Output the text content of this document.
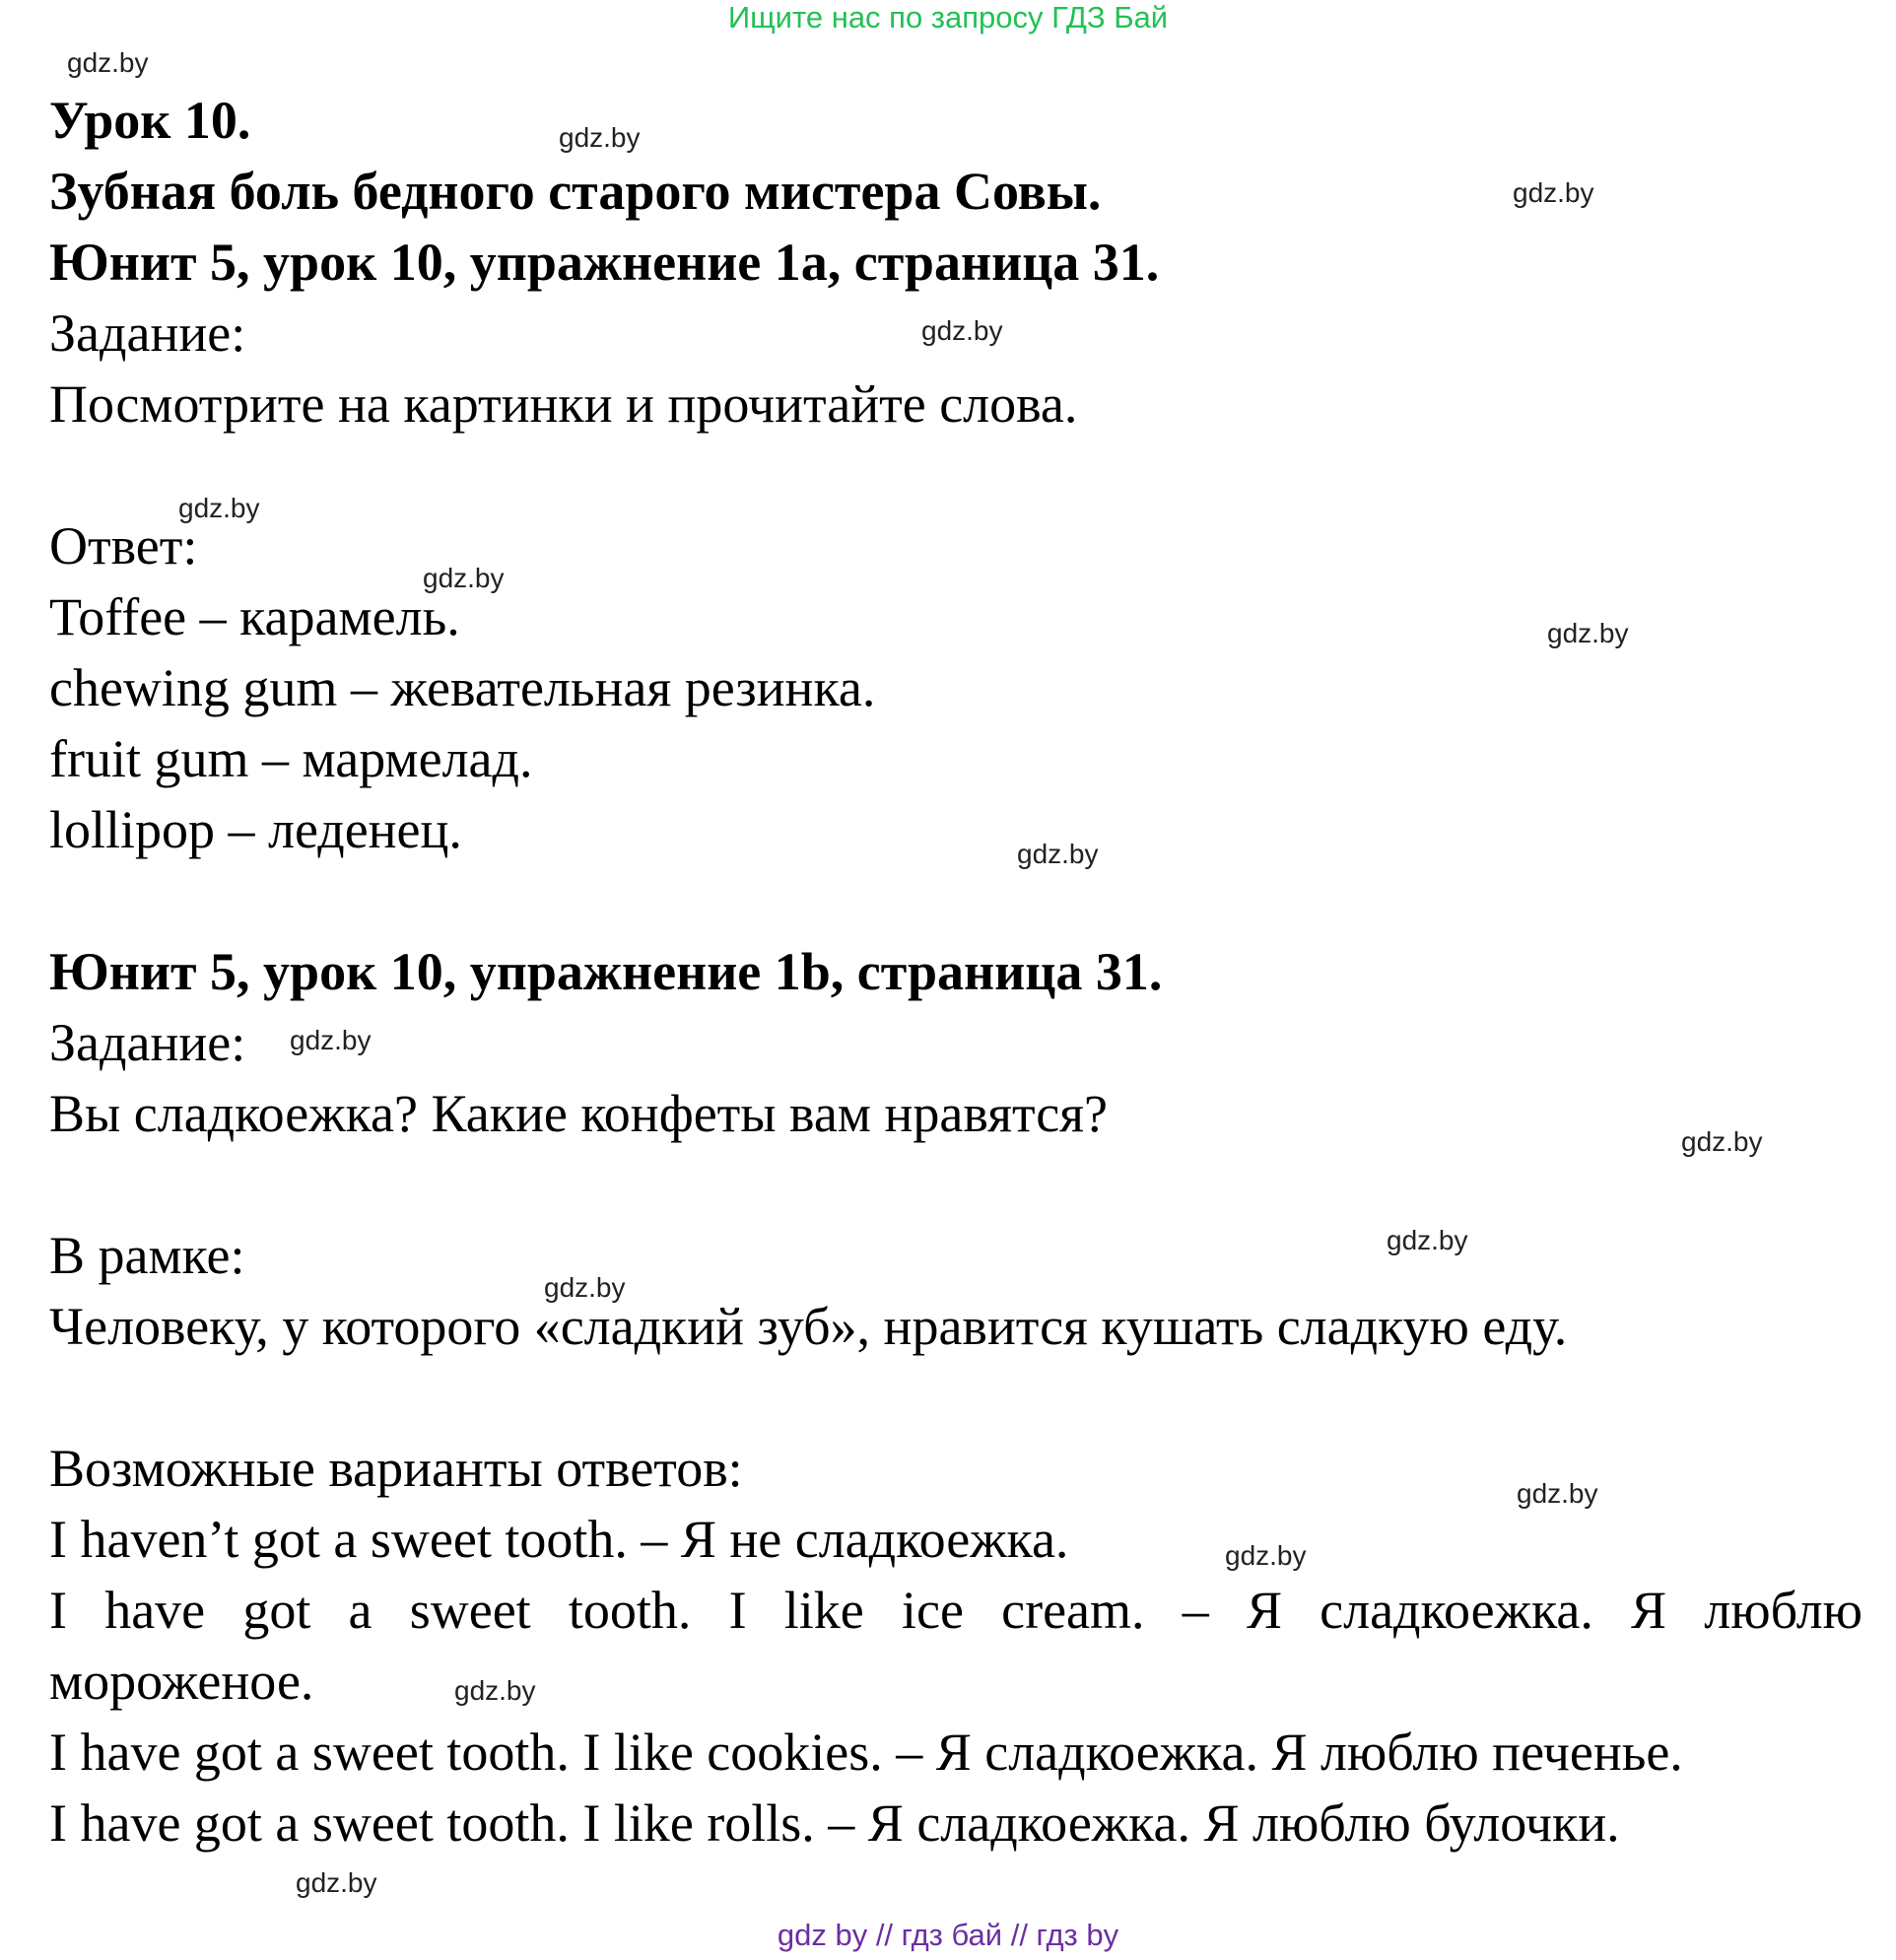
Ищите нас по запросу ГДЗ Бай
Урок 10.
Зубная боль бедного старого мистера Совы.
Юнит 5, урок 10, упражнение 1a, страница 31.
Задание:
Посмотрите на картинки и прочитайте слова.
Ответ:
Toffee – карамель.
chewing gum – жевательная резинка.
fruit gum – мармелад.
lollipop – леденец.
Юнит 5, урок 10, упражнение 1b, страница 31.
Задание:
Вы сладкоежка? Какие конфеты вам нравятся?
В рамке:
Человеку, у которого «сладкий зуб», нравится кушать сладкую еду.
Возможные варианты ответов:
I haven’t got a sweet tooth. – Я не сладкоежка.
I have got a sweet tooth. I like ice cream. – Я сладкоежка. Я люблю
мороженое.
I have got a sweet tooth. I like cookies. – Я сладкоежка. Я люблю печенье.
I have got a sweet tooth. I like rolls. – Я сладкоежка. Я люблю булочки.
gdz.by
gdz.by
gdz.by
gdz.by
gdz.by
gdz.by
gdz.by
gdz.by
gdz.by
gdz.by
gdz.by
gdz.by
gdz.by
gdz.by
gdz.by
gdz.by
gdz by // гдз бай // гдз by
